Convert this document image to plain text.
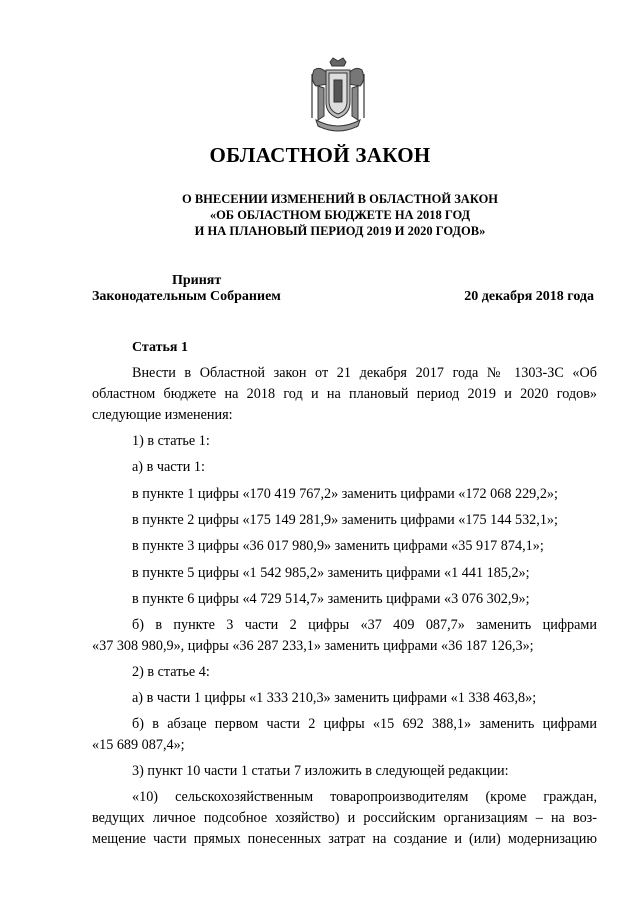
ОБЛАСТНОЙ ЗАКОН
О ВНЕСЕНИИ ИЗМЕНЕНИЙ В ОБЛАСТНОЙ ЗАКОН
«ОБ ОБЛАСТНОМ БЮДЖЕТЕ НА 2018 ГОД
И НА ПЛАНОВЫЙ ПЕРИОД 2019 И 2020 ГОДОВ»
Принят
Законодательным Собранием	20 декабря 2018 года
Статья 1
Внести в Областной закон от 21 декабря 2017 года № 1303-ЗС «Об
областном бюджете на 2018 год и на плановый период 2019 и 2020 годов»
следующие изменения:
1) в статье 1:
а) в части 1:
в пункте 1 цифры «170 419 767,2» заменить цифрами «172 068 229,2»;
в пункте 2 цифры «175 149 281,9» заменить цифрами «175 144 532,1»;
в пункте 3 цифры «36 017 980,9» заменить цифрами «35 917 874,1»;
в пункте 5 цифры «1 542 985,2» заменить цифрами «1 441 185,2»;
в пункте 6 цифры «4 729 514,7» заменить цифрами «3 076 302,9»;
б) в пункте 3 части 2 цифры «37 409 087,7» заменить цифрами
«37 308 980,9», цифры «36 287 233,1» заменить цифрами «36 187 126,3»;
2) в статье 4:
а) в части 1 цифры «1 333 210,3» заменить цифрами «1 338 463,8»;
б) в абзаце первом части 2 цифры «15 692 388,1» заменить цифрами
«15 689 087,4»;
3) пункт 10 части 1 статьи 7 изложить в следующей редакции:
«10) сельскохозяйственным товаропроизводителям (кроме граждан,
ведущих личное подсобное хозяйство) и российским организациям – на воз-
мещение части прямых понесенных затрат на создание и (или) модернизацию
